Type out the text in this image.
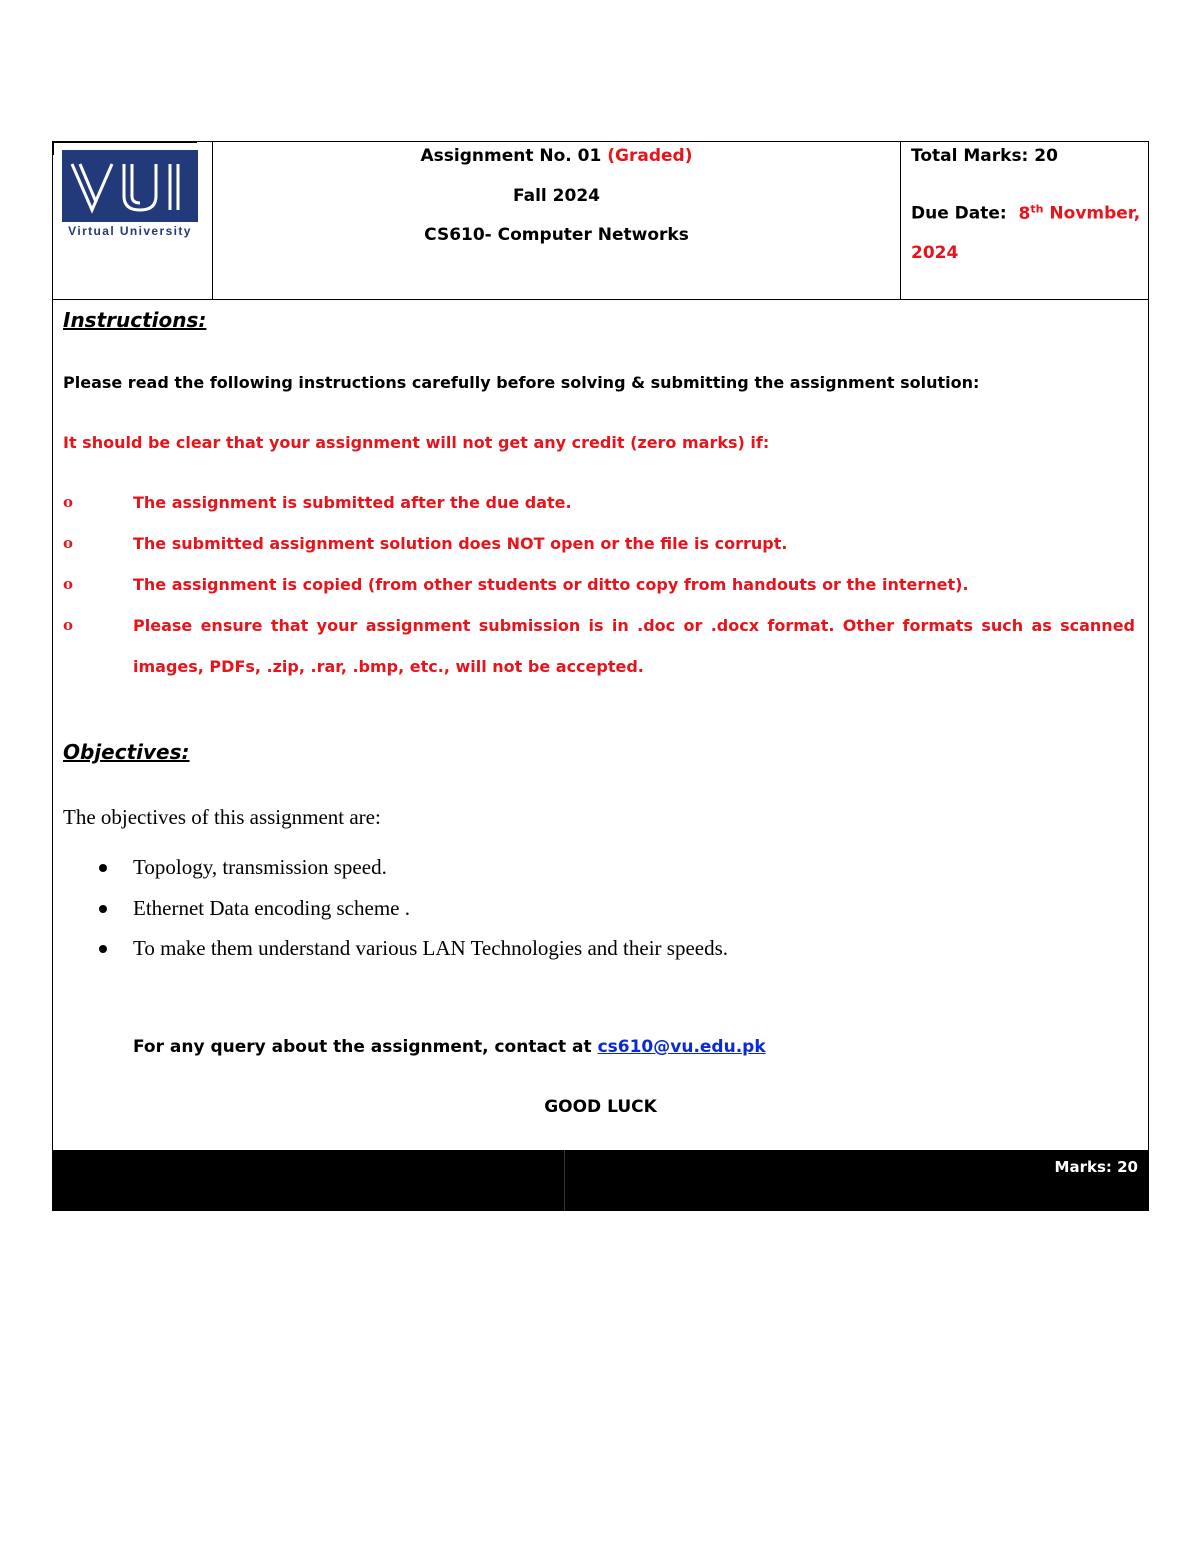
Virtual University
Assignment No. 01 (Graded)
Fall 2024
CS610- Computer Networks
Total Marks: 20
Due Date: 8th Novmber,
2024
Instructions:
Please read the following instructions carefully before solving & submitting the assignment solution:
It should be clear that your assignment will not get any credit (zero marks) if:
o	The assignment is submitted after the due date.
o	The submitted assignment solution does NOT open or the file is corrupt.
o	The assignment is copied (from other students or ditto copy from handouts or the internet).
o	Please ensure that your assignment submission is in .doc or .docx format. Other formats such as scanned images, PDFs, .zip, .rar, .bmp, etc., will not be accepted.
Objectives:
The objectives of this assignment are:
Topology, transmission speed.
Ethernet Data encoding scheme .
To make them understand various LAN Technologies and their speeds.
For any query about the assignment, contact at cs610@vu.edu.pk
GOOD LUCK
Marks: 20
